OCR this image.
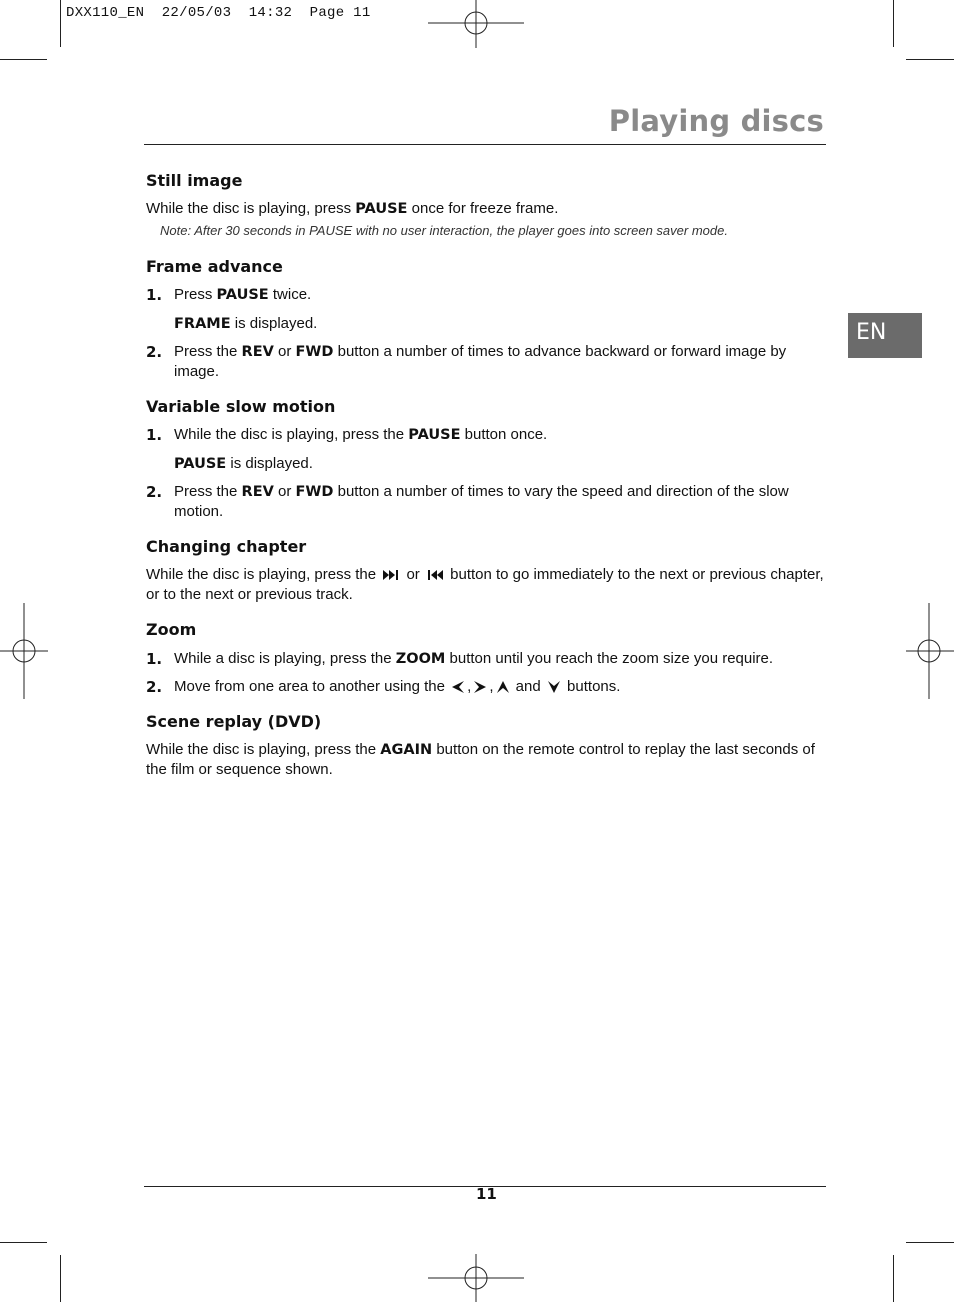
DXX110_EN  22/05/03  14:32  Page 11
Playing discs
EN
Still image

While the disc is playing, press PAUSE once for freeze frame.

Note: After 30 seconds in PAUSE with no user interaction, the player goes into screen saver mode.

Frame advance
1. Press PAUSE twice.

FRAME is displayed.

2. Press the REV or FWD button a number of times to advance backward or forward image by image.

Variable slow motion
1. While the disc is playing, press the PAUSE button once.

PAUSE is displayed.

2. Press the REV or FWD button a number of times to vary the speed and direction of the slow motion.

Changing chapter

While the disc is playing, press the  or  button to go immediately to the next or previous chapter, or to the next or previous track.

Zoom
1. While a disc is playing, press the ZOOM button until you reach the zoom size you require.

2. Move from one area to another using the , , and  buttons.

Scene replay (DVD)

While the disc is playing, press the AGAIN button on the remote control to replay the last seconds of the film or sequence shown.

11
